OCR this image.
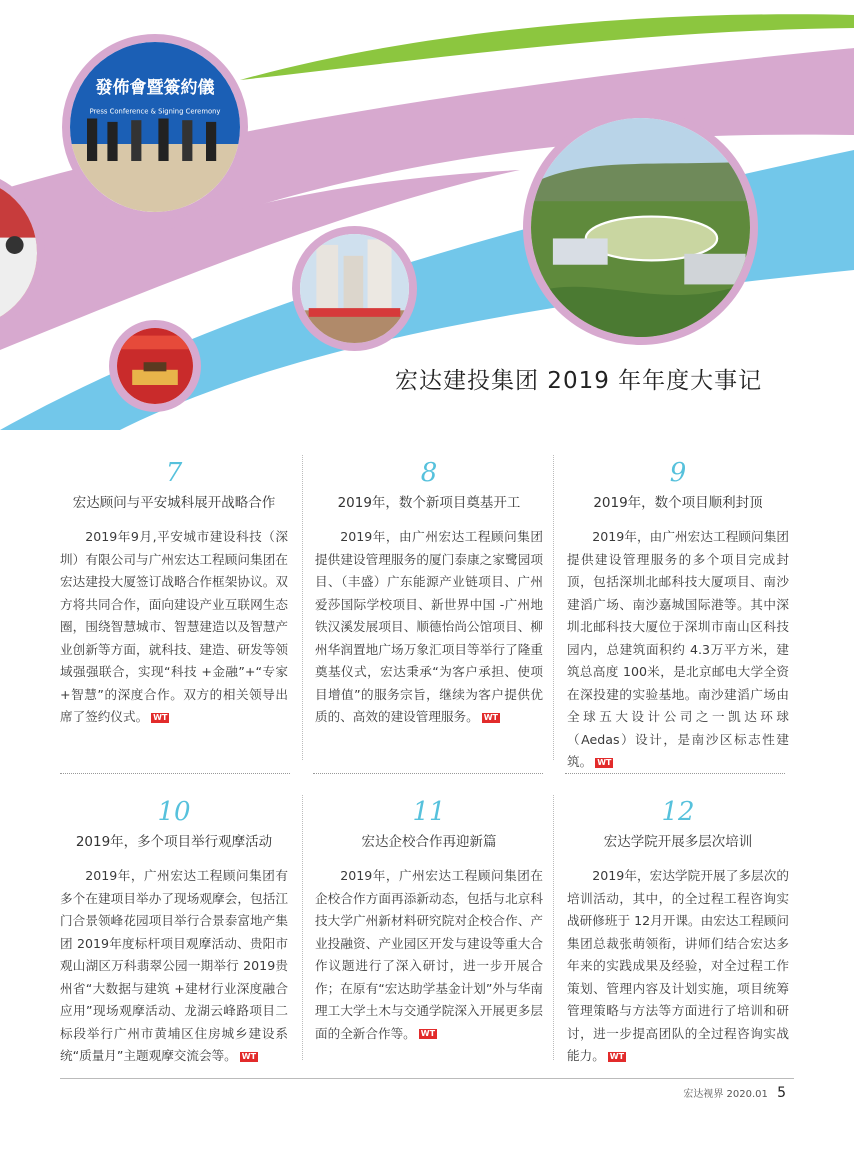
發佈會暨簽約儀
Press Conference & Signing Ceremony
宏达建投集团 2019 年年度大事记
7
宏达顾问与平安城科展开战略合作
2019年9月,平安城市建设科技（深圳）有限公司与广州宏达工程顾问集团在宏达建投大厦签订战略合作框架协议。双方将共同合作，面向建设产业互联网生态圈，围绕智慧城市、智慧建造以及智慧产业创新等方面，就科技、建造、研发等领域强强联合，实现“科技 +金融”+“专家 +智慧”的深度合作。双方的相关领导出席了签约仪式。 WT
8
2019年，数个新项目奠基开工
2019年，由广州宏达工程顾问集团提供建设管理服务的厦门泰康之家鹭园项目、（丰盛）广东能源产业链项目、广州爱莎国际学校项目、新世界中国 -广州地铁汉溪发展项目、顺德怡尚公馆项目、柳州华润置地广场万象汇项目等举行了隆重奠基仪式，宏达秉承“为客户承担、使项目增值”的服务宗旨，继续为客户提供优质的、高效的建设管理服务。 WT
9
2019年，数个项目顺利封顶
2019年，由广州宏达工程顾问集团提供建设管理服务的多个项目完成封顶，包括深圳北邮科技大厦项目、南沙建滔广场、南沙嘉城国际港等。其中深圳北邮科技大厦位于深圳市南山区科技园内，总建筑面积约 4.3万平方米，建筑总高度 100米，是北京邮电大学全资在深投建的实验基地。南沙建滔广场由全球五大设计公司之一凯达环球（Aedas）设计，是南沙区标志性建筑。 WT
10
2019年，多个项目举行观摩活动
2019年，广州宏达工程顾问集团有多个在建项目举办了现场观摩会，包括江门合景领峰花园项目举行合景泰富地产集团 2019年度标杆项目观摩活动、贵阳市观山湖区万科翡翠公园一期举行 2019贵州省“大数据与建筑 +建材行业深度融合应用”现场观摩活动、龙湖云峰路项目二标段举行广州市黄埔区住房城乡建设系统“质量月”主题观摩交流会等。 WT
11
宏达企校合作再迎新篇
2019年，广州宏达工程顾问集团在企校合作方面再添新动态，包括与北京科技大学广州新材料研究院对企校合作、产业投融资、产业园区开发与建设等重大合作议题进行了深入研讨，进一步开展合作；在原有“宏达助学基金计划”外与华南理工大学土木与交通学院深入开展更多层面的全新合作等。 WT
12
宏达学院开展多层次培训
2019年，宏达学院开展了多层次的培训活动，其中，的全过程工程咨询实战研修班于 12月开课。由宏达工程顾问集团总裁张萌领衔，讲师们结合宏达多年来的实践成果及经验，对全过程工作策划、管理内容及计划实施，项目统筹管理策略与方法等方面进行了培训和研讨，进一步提高团队的全过程咨询实战能力。 WT
宏达视界 2020.01 5
